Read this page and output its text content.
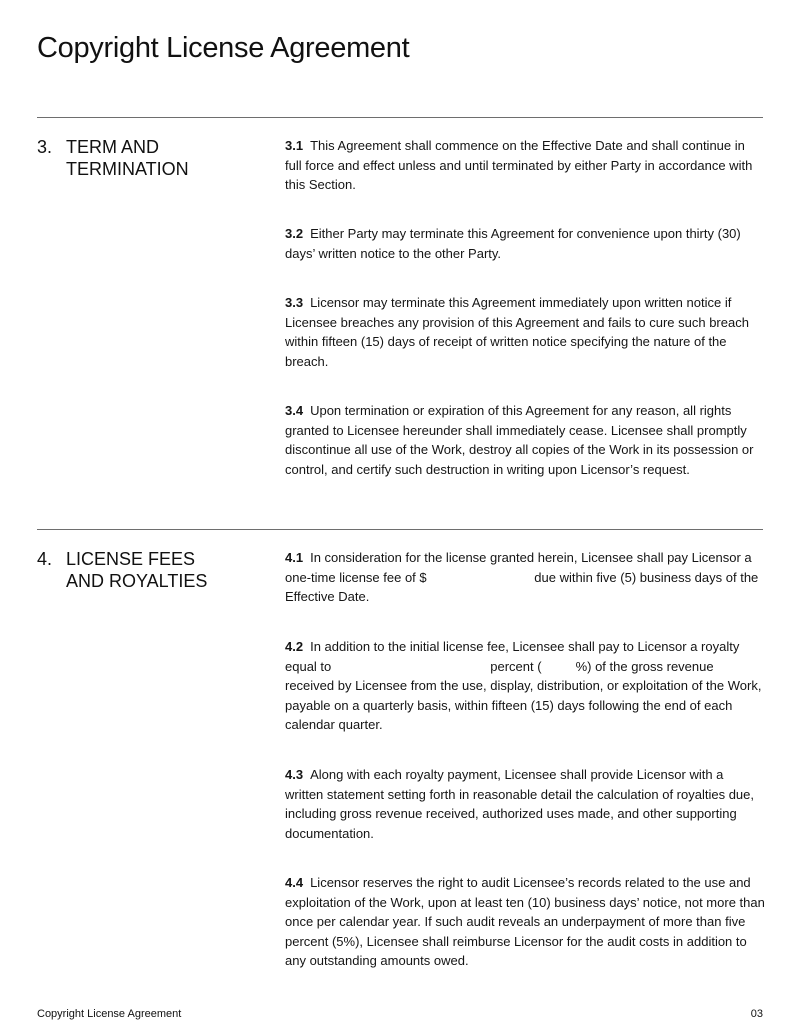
Copyright License Agreement
3. TERM AND TERMINATION

3.1 This Agreement shall commence on the Effective Date and shall continue in full force and effect unless and until terminated by either Party in accordance with this Section.

3.2 Either Party may terminate this Agreement for convenience upon thirty (30) days’ written notice to the other Party.

3.3 Licensor may terminate this Agreement immediately upon written notice if Licensee breaches any provision of this Agreement and fails to cure such breach within fifteen (15) days of receipt of written notice specifying the nature of the breach.

3.4 Upon termination or expiration of this Agreement for any reason, all rights granted to Licensee hereunder shall immediately cease. Licensee shall promptly discontinue all use of the Work, destroy all copies of the Work in its possession or control, and certify such destruction in writing upon Licensor’s request.

4. LICENSE FEES AND ROYALTIES

4.1 In consideration for the license granted herein, Licensee shall pay Licensor a one-time license fee of $	due within five (5) business days of the Effective Date.

4.2 In addition to the initial license fee, Licensee shall pay to Licensor a royalty equal to	percent (	%) of the gross revenue received by Licensee from the use, display, distribution, or exploitation of the Work, payable on a quarterly basis, within fifteen (15) days following the end of each calendar quarter.

4.3 Along with each royalty payment, Licensee shall provide Licensor with a written statement setting forth in reasonable detail the calculation of royalties due, including gross revenue received, authorized uses made, and other supporting documentation.

4.4 Licensor reserves the right to audit Licensee’s records related to the use and exploitation of the Work, upon at least ten (10) business days’ notice, not more than once per calendar year. If such audit reveals an underpayment of more than five percent (5%), Licensee shall reimburse Licensor for the audit costs in addition to any outstanding amounts owed.

Copyright License Agreement	03
